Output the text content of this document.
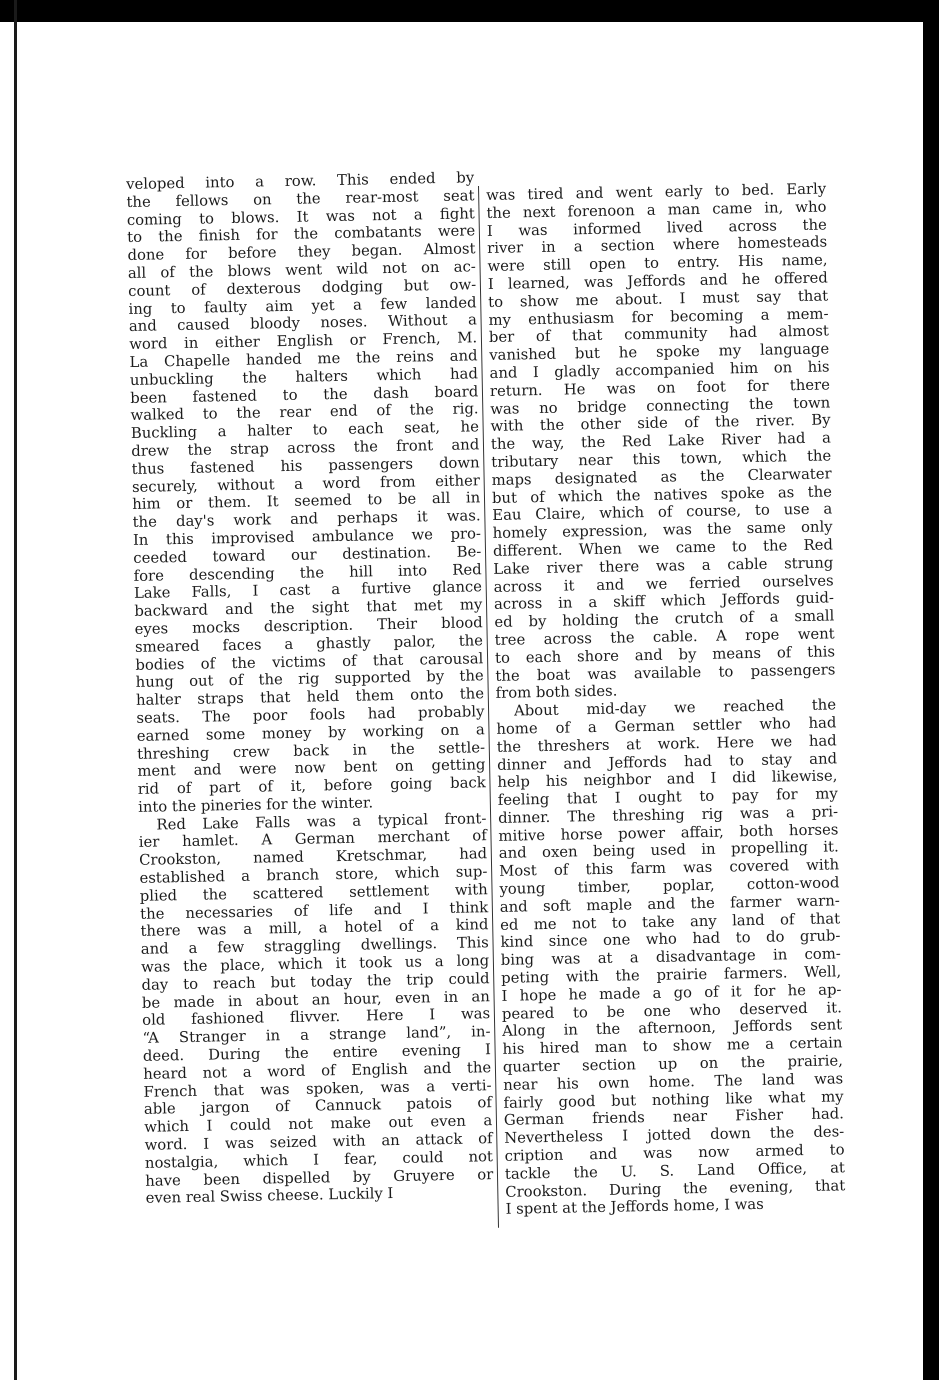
veloped into a row. This ended by
the fellows on the rear-most seat
coming to blows. It was not a fight
to the finish for the combatants were
done for before they began. Almost
all of the blows went wild not on ac-
count of dexterous dodging but ow-
ing to faulty aim yet a few landed
and caused bloody noses. Without a
word in either English or French, M.
La Chapelle handed me the reins and
unbuckling the halters which had
been fastened to the dash board
walked to the rear end of the rig.
Buckling a halter to each seat, he
drew the strap across the front and
thus fastened his passengers down
securely, without a word from either
him or them. It seemed to be all in
the day's work and perhaps it was.
In this improvised ambulance we pro-
ceeded toward our destination. Be-
fore descending the hill into Red
Lake Falls, I cast a furtive glance
backward and the sight that met my
eyes mocks description. Their blood
smeared faces a ghastly palor, the
bodies of the victims of that carousal
hung out of the rig supported by the
halter straps that held them onto the
seats. The poor fools had probably
earned some money by working on a
threshing crew back in the settle-
ment and were now bent on getting
rid of part of it, before going back
into the pineries for the winter.
Red Lake Falls was a typical front-
ier hamlet. A German merchant of
Crookston, named Kretschmar, had
established a branch store, which sup-
plied the scattered settlement with
the necessaries of life and I think
there was a mill, a hotel of a kind
and a few straggling dwellings. This
was the place, which it took us a long
day to reach but today the trip could
be made in about an hour, even in an
old fashioned flivver. Here I was
“A Stranger in a strange land”, in-
deed. During the entire evening I
heard not a word of English and the
French that was spoken, was a verti-
able jargon of Cannuck patois of
which I could not make out even a
word. I was seized with an attack of
nostalgia, which I fear, could not
have been dispelled by Gruyere or
even real Swiss cheese. Luckily I
was tired and went early to bed. Early
the next forenoon a man came in, who
I was informed lived across the
river in a section where homesteads
were still open to entry. His name,
I learned, was Jeffords and he offered
to show me about. I must say that
my enthusiasm for becoming a mem-
ber of that community had almost
vanished but he spoke my language
and I gladly accompanied him on his
return. He was on foot for there
was no bridge connecting the town
with the other side of the river. By
the way, the Red Lake River had a
tributary near this town, which the
maps designated as the Clearwater
but of which the natives spoke as the
Eau Claire, which of course, to use a
homely expression, was the same only
different. When we came to the Red
Lake river there was a cable strung
across it and we ferried ourselves
across in a skiff which Jeffords guid-
ed by holding the crutch of a small
tree across the cable. A rope went
to each shore and by means of this
the boat was available to passengers
from both sides.
About mid-day we reached the
home of a German settler who had
the threshers at work. Here we had
dinner and Jeffords had to stay and
help his neighbor and I did likewise,
feeling that I ought to pay for my
dinner. The threshing rig was a pri-
mitive horse power affair, both horses
and oxen being used in propelling it.
Most of this farm was covered with
young timber, poplar, cotton-wood
and soft maple and the farmer warn-
ed me not to take any land of that
kind since one who had to do grub-
bing was at a disadvantage in com-
peting with the prairie farmers. Well,
I hope he made a go of it for he ap-
peared to be one who deserved it.
Along in the afternoon, Jeffords sent
his hired man to show me a certain
quarter section up on the prairie,
near his own home. The land was
fairly good but nothing like what my
German friends near Fisher had.
Nevertheless I jotted down the des-
cription and was now armed to
tackle the U. S. Land Office, at
Crookston. During the evening, that
I spent at the Jeffords home, I was
